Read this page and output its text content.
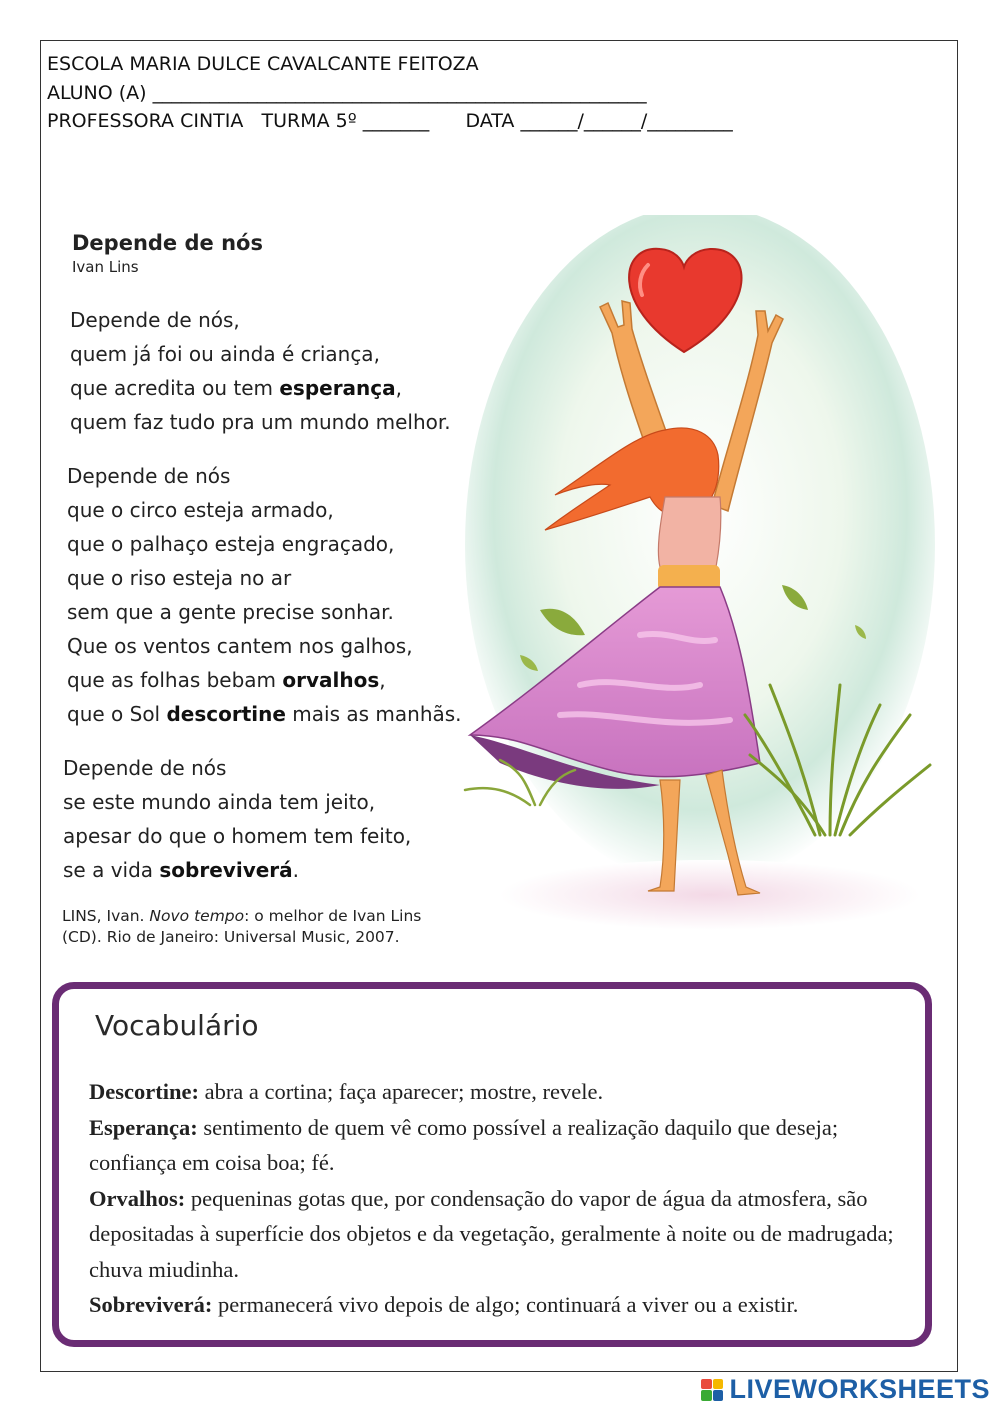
ESCOLA MARIA DULCE CAVALCANTE FEITOZA
ALUNO (A) ____________________________________________________
PROFESSORA CINTIA   TURMA 5º _______      DATA ______/______/_________
Depende de nós
Ivan Lins
Depende de nós,
quem já foi ou ainda é criança,
que acredita ou tem esperança,
quem faz tudo pra um mundo melhor.
Depende de nós
que o circo esteja armado,
que o palhaço esteja engraçado,
que o riso esteja no ar
sem que a gente precise sonhar.
Que os ventos cantem nos galhos,
que as folhas bebam orvalhos,
que o Sol descortine mais as manhãs.
Depende de nós
se este mundo ainda tem jeito,
apesar do que o homem tem feito,
se a vida sobreviverá.
LINS, Ivan. Novo tempo: o melhor de Ivan Lins
(CD). Rio de Janeiro: Universal Music, 2007.
Vocabulário
Descortine: abra a cortina; faça aparecer; mostre, revele.
Esperança: sentimento de quem vê como possível a realização daquilo que deseja; confiança em coisa boa; fé.
Orvalhos: pequeninas gotas que, por condensação do vapor de água da atmosfera, são depositadas à superfície dos objetos e da vegetação, geralmente à noite ou de madrugada; chuva miudinha.
Sobreviverá: permanecerá vivo depois de algo; continuará a viver ou a existir.
LIVEWORKSHEETS
